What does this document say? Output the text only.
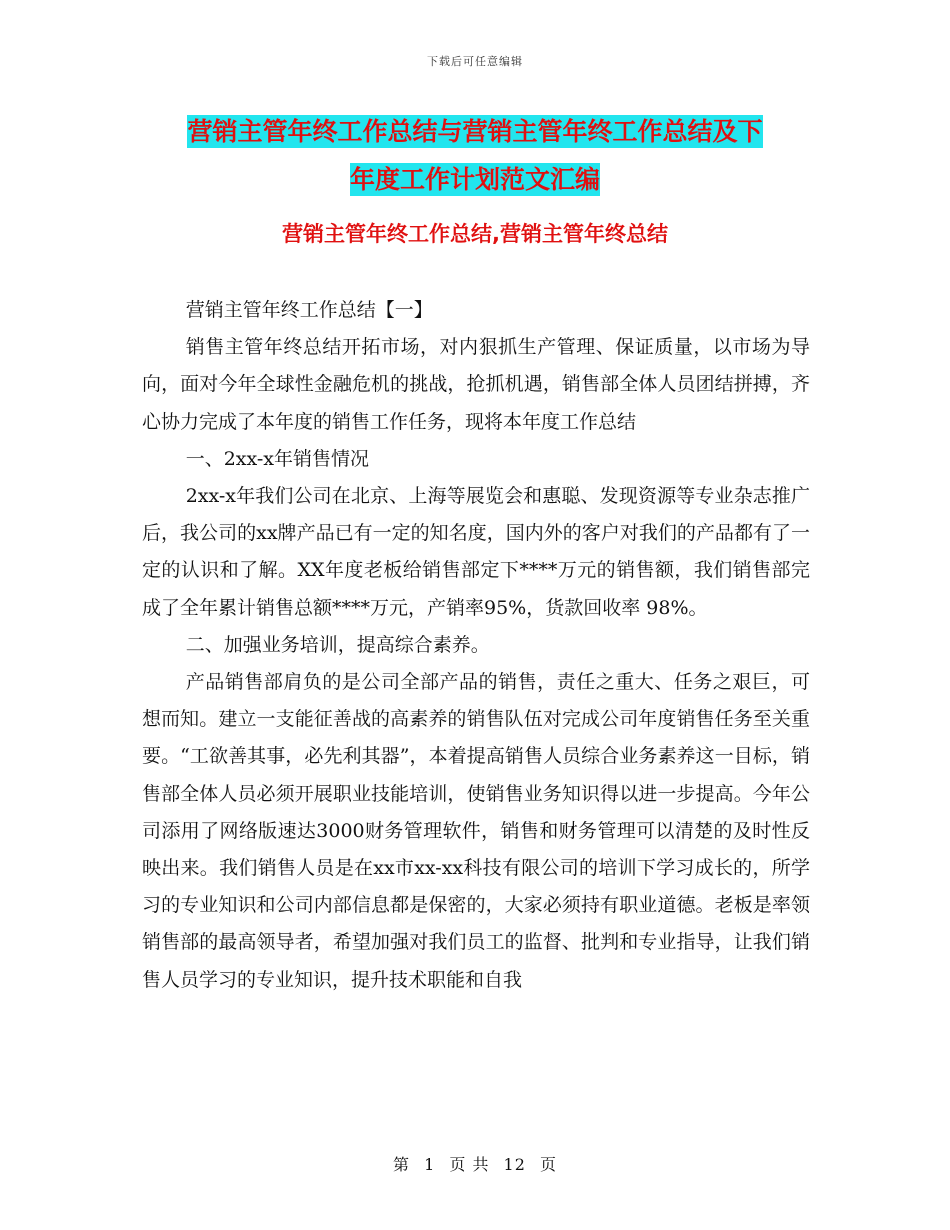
下载后可任意编辑
营销主管年终工作总结与营销主管年终工作总结及下
年度工作计划范文汇编
营销主管年终工作总结,营销主管年终总结

营销主管年终工作总结【一】

销售主管年终总结开拓市场，对内狠抓生产管理、保证质量，以市场为导向，面对今年全球性金融危机的挑战，抢抓机遇，销售部全体人员团结拼搏，齐心协力完成了本年度的销售工作任务，现将本年度工作总结

一、2xx-x年销售情况

2xx-x年我们公司在北京、上海等展览会和惠聪、发现资源等专业杂志推广后，我公司的xx牌产品已有一定的知名度，国内外的客户对我们的产品都有了一定的认识和了解。XX年度老板给销售部定下****万元的销售额，我们销售部完成了全年累计销售总额****万元，产销率95%，货款回收率 98%。

二、加强业务培训，提高综合素养。

产品销售部肩负的是公司全部产品的销售，责任之重大、任务之艰巨，可想而知。建立一支能征善战的高素养的销售队伍对完成公司年度销售任务至关重要。“工欲善其事，必先利其器”，本着提高销售人员综合业务素养这一目标，销售部全体人员必须开展职业技能培训，使销售业务知识得以进一步提高。今年公司添用了网络版速达3000财务管理软件，销售和财务管理可以清楚的及时性反映出来。我们销售人员是在xx市xx-xx科技有限公司的培训下学习成长的，所学习的专业知识和公司内部信息都是保密的，大家必须持有职业道德。老板是率领销售部的最高领导者，希望加强对我们员工的监督、批判和专业指导，让我们销售人员学习的专业知识，提升技术职能和自我

第 1 页 共 12 页
